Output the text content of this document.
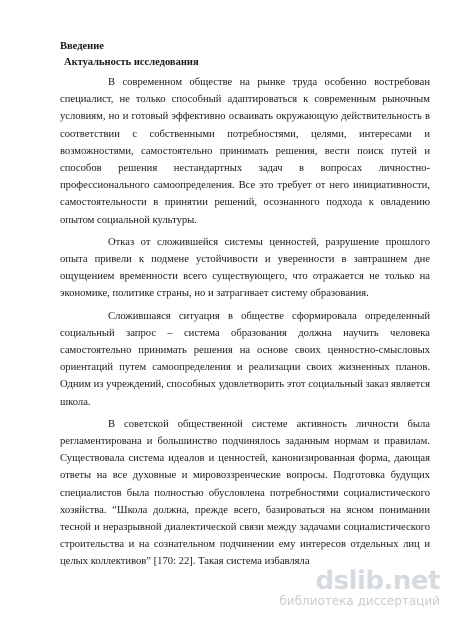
Введение
Актуальность исследования

В современном обществе на рынке труда особенно востребован специалист, не только способный адаптироваться к современным рыночным условиям, но и готовый эффективно осваивать окружающую действительность в соответствии с собственными потребностями, целями, интересами и возможностями, самостоятельно принимать решения, вести поиск путей и способов решения нестандартных задач в вопросах личностно-профессионального самоопределения. Все это требует от него инициативности, самостоятельности в принятии решений, осознанного подхода к овладению опытом социальной культуры.

Отказ от сложившейся системы ценностей, разрушение прошлого опыта привели к подмене устойчивости и уверенности в завтрашнем дне ощущением временности всего существующего, что отражается не только на экономике, политике страны, но и затрагивает систему образования.

Сложившаяся ситуация в обществе сформировала определенный социальный запрос – система образования должна научить человека самостоятельно принимать решения на основе своих ценностно-смысловых ориентаций путем самоопределения и реализации своих жизненных планов. Одним из учреждений, способных удовлетворить этот социальный заказ является школа.

В советской общественной системе активность личности была регламентирована и большинство подчинялось заданным нормам и правилам. Существовала система идеалов и ценностей, канонизированная форма, дающая ответы на все духовные и мировоззренческие вопросы. Подготовка будущих специалистов была полностью обусловлена потребностями социалистического хозяйства. “Школа должна, прежде всего, базироваться на ясном понимании тесной и неразрывной диалектической связи между задачами социалистического строительства и на сознательном подчинении ему интересов отдельных лиц и целых коллективов” [170: 22]. Такая система избавляла

dslib.net
библиотека диссертаций
